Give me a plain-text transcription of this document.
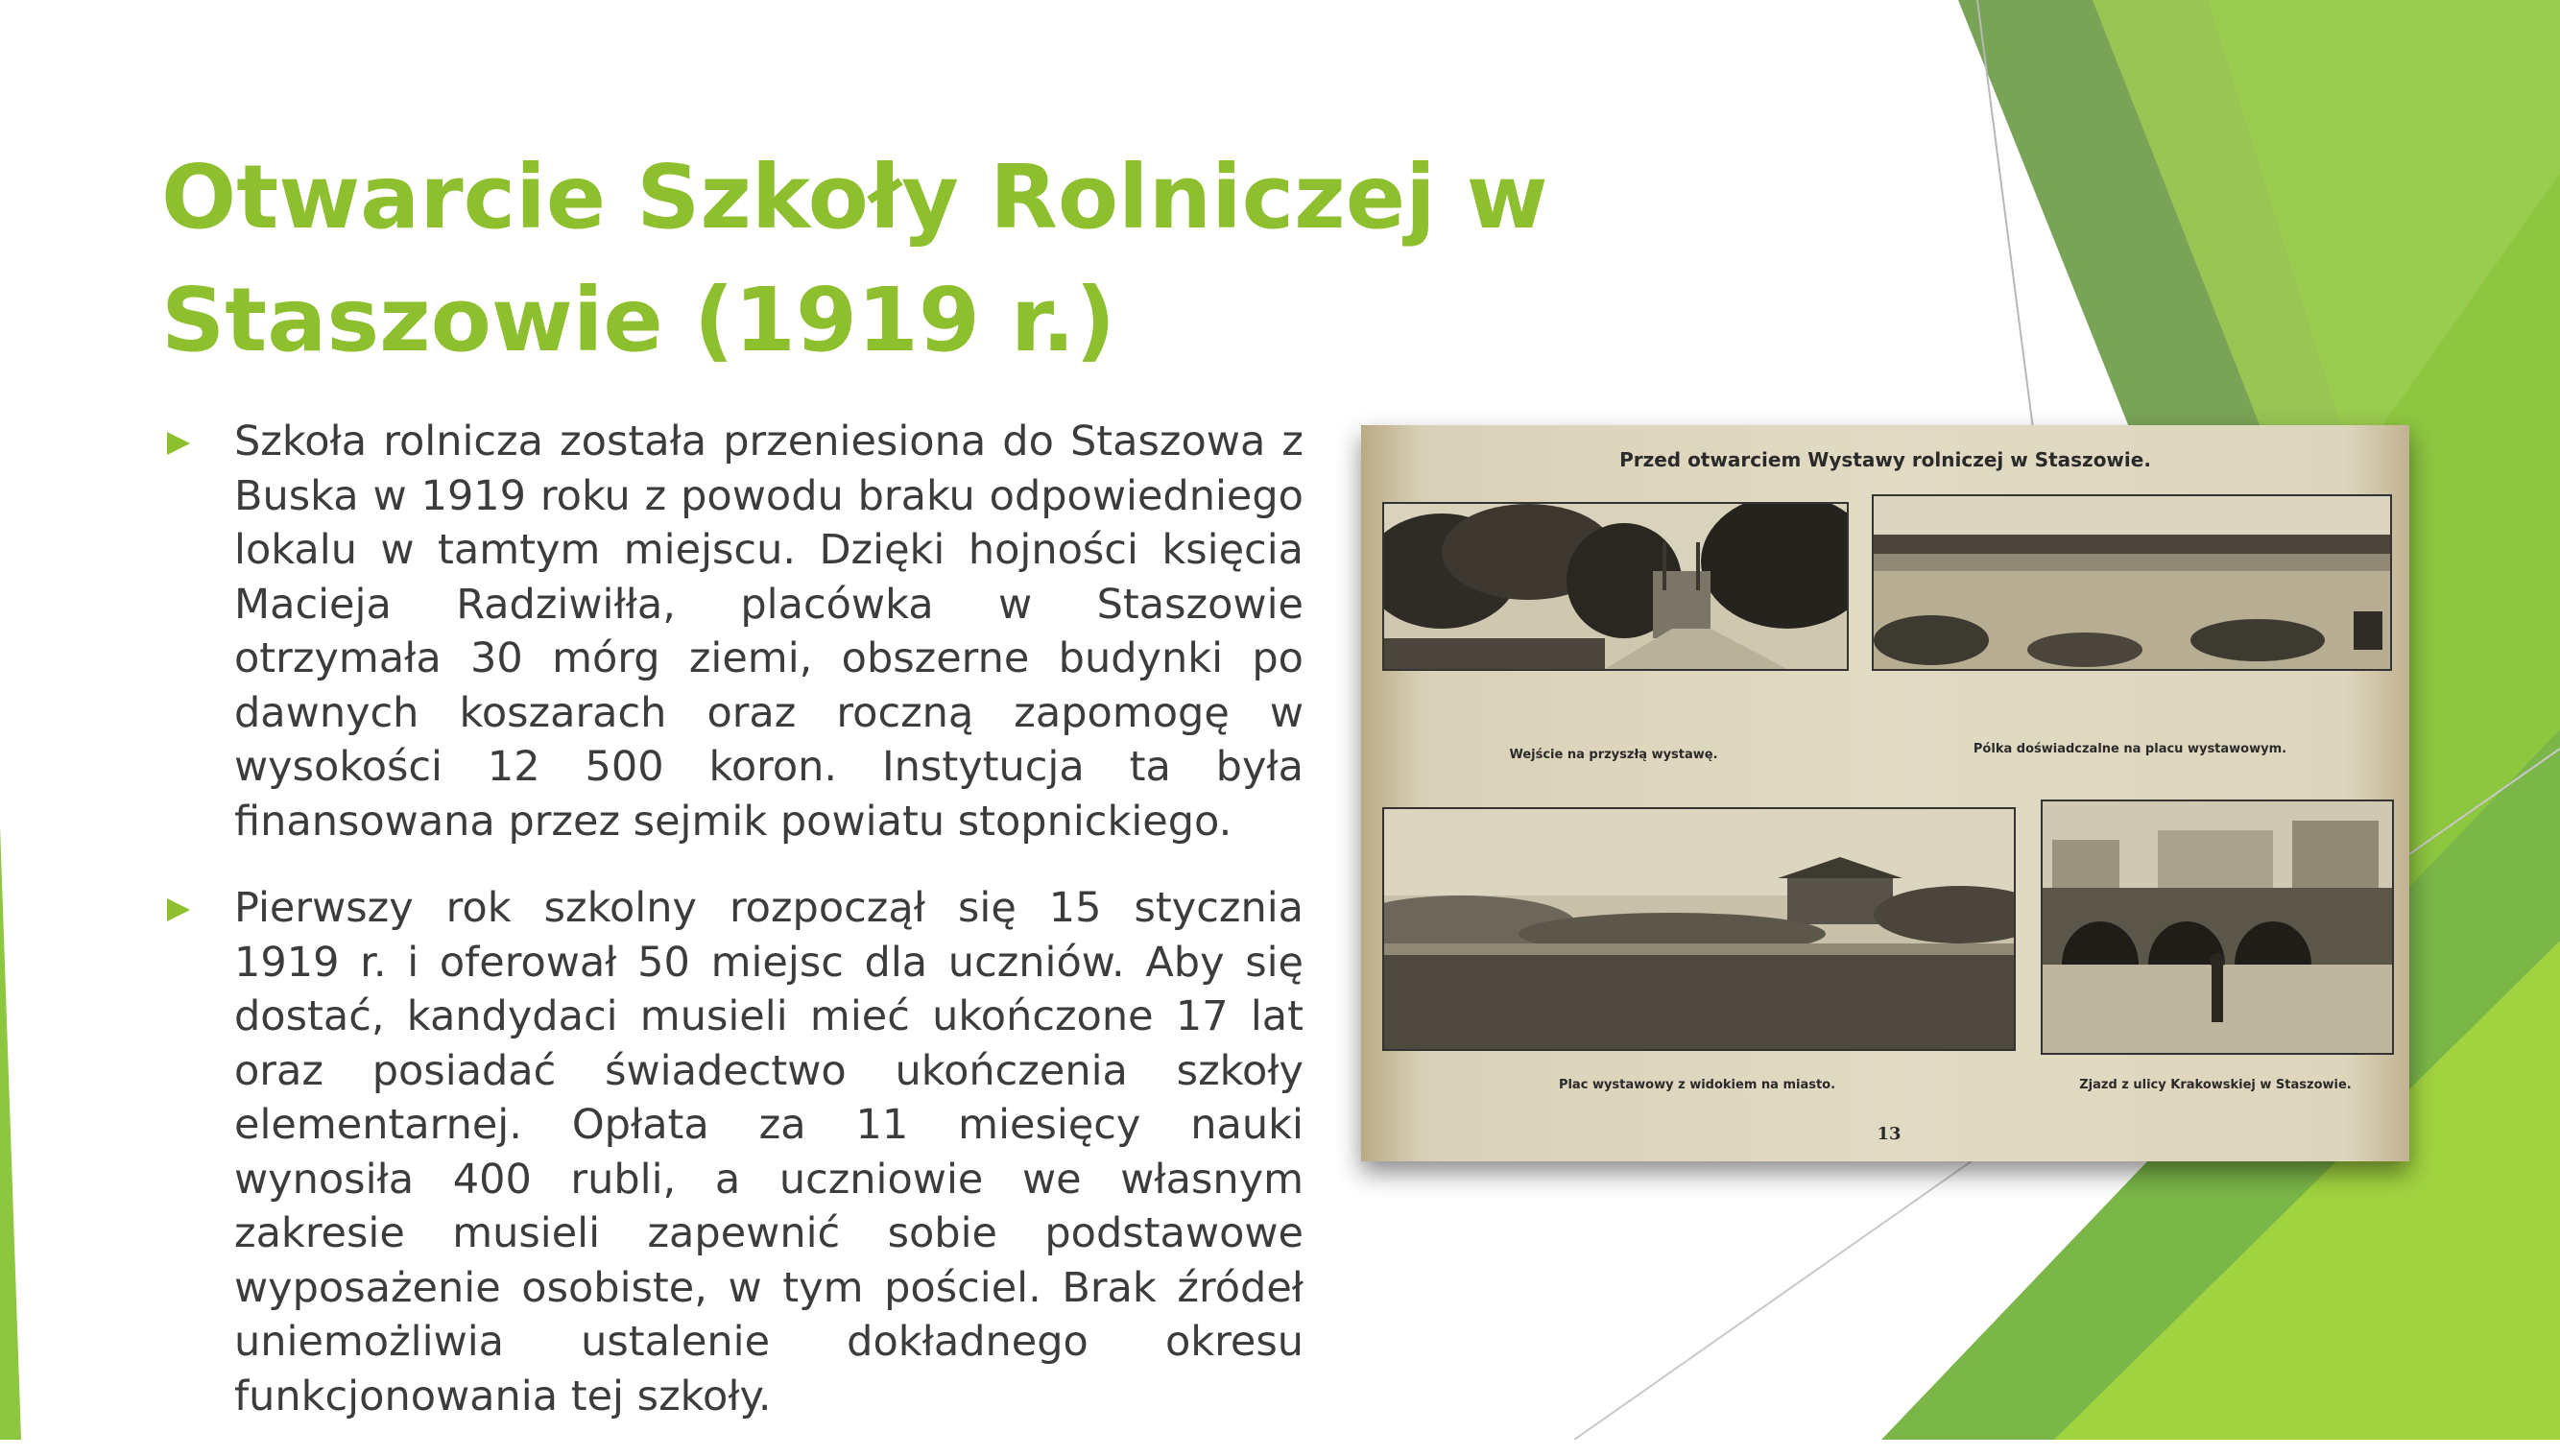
Otwarcie Szkoły Rolniczej w Staszowie (1919 r.)

Szkoła rolnicza została przeniesiona do Staszowa z Buska w 1919 roku z powodu braku odpowiedniego lokalu w tamtym miejscu. Dzięki hojności księcia Macieja Radziwiłła, placówka w Staszowie otrzymała 30 mórg ziemi, obszerne budynki po dawnych koszarach oraz roczną zapomogę w wysokości 12 500 koron. Instytucja ta była finansowana przez sejmik powiatu stopnickiego.

Pierwszy rok szkolny rozpoczął się 15 stycznia 1919 r. i oferował 50 miejsc dla uczniów. Aby się dostać, kandydaci musieli mieć ukończone 17 lat oraz posiadać świadectwo ukończenia szkoły elementarnej. Opłata za 11 miesięcy nauki wynosiła 400 rubli, a uczniowie we własnym zakresie musieli zapewnić sobie podstawowe wyposażenie osobiste, w tym pościel. Brak źródeł uniemożliwia ustalenie dokładnego okresu funkcjonowania tej szkoły.

Przed otwarciem Wystawy rolniczej w Staszowie.
Wejście na przyszłą wystawę.	Pólka doświadczalne na placu wystawowym.
Plac wystawowy z widokiem na miasto.	Zjazd z ulicy Krakowskiej w Staszowie.
13
